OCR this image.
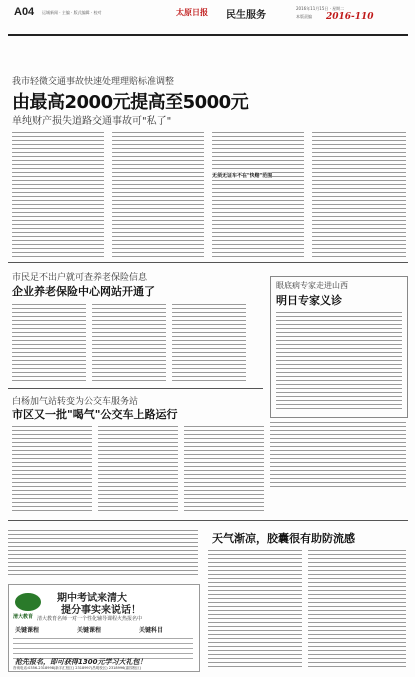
A04 运城新闻 · 主编 · 版式编辑 · 校对	太原日报 民生服务
2016年11月15日 · 星期二
本版责编 2016-110
我市轻微交通事故快速处理理赔标准调整
由最高2000元提高至5000元
单纯财产损失道路交通事故可"私了"
无须无证车不在"快赔"范围
市民足不出户就可查养老保险信息
企业养老保险中心网站开通了	眼底病专家走进山西
明日专家义诊
白杨加气站转变为公交车服务站
市区又一批"喝气"公交车上路运行
天气渐凉，胶囊很有助防流感
清大教育
期中考试来清大
提分事实来说话！
清大教育名师一对一个性化辅导课程火热报名中
关键课程	关键课程	关键科目
抢先报名，即可获得1300元学习大礼包！
咨询电话:0356-2318998(新宇汇校区) 2318997(昌明校区) 2318996(嘉园校区)
